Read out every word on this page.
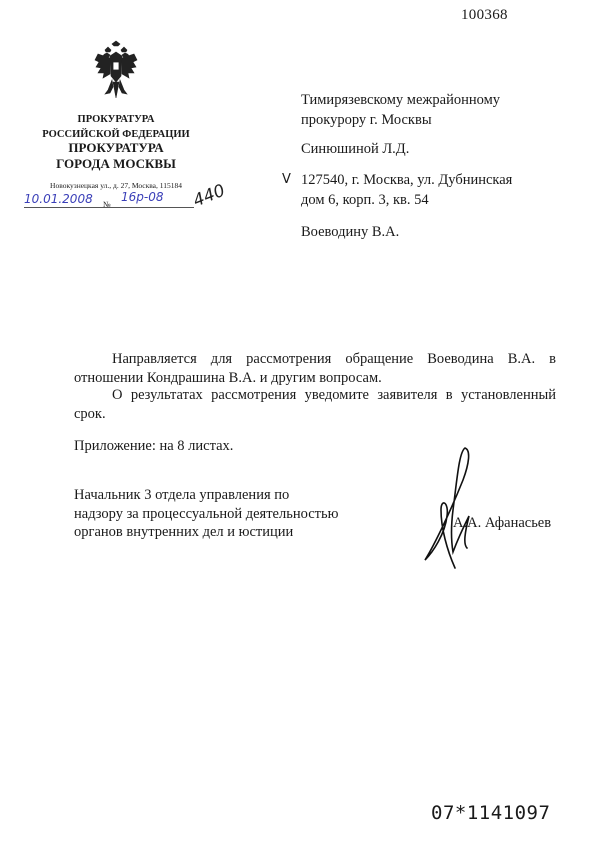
100368
ПРОКУРАТУРА
РОССИЙСКОЙ ФЕДЕРАЦИИ
ПРОКУРАТУРА
ГОРОДА МОСКВЫ
Новокузнецкая ул., д. 27, Москва, 115184
10.01.2008 №
16р-08 440
Тимирязевскому межрайонному
прокурору г. Москвы
Синюшиной Л.Д.
V 127540, г. Москва, ул. Дубнинская
дом 6, корп. 3, кв. 54
Воеводину В.А.
Направляется для рассмотрения обращение Воеводина В.А. в отношении Кондрашина В.А. и другим вопросам.
О результатах рассмотрения уведомите заявителя в установленный срок.
Приложение: на 8 листах.
Начальник 3 отдела управления по
надзору за процессуальной деятельностью
органов внутренних дел и юстиции
А.А. Афанасьев
07*1141097
